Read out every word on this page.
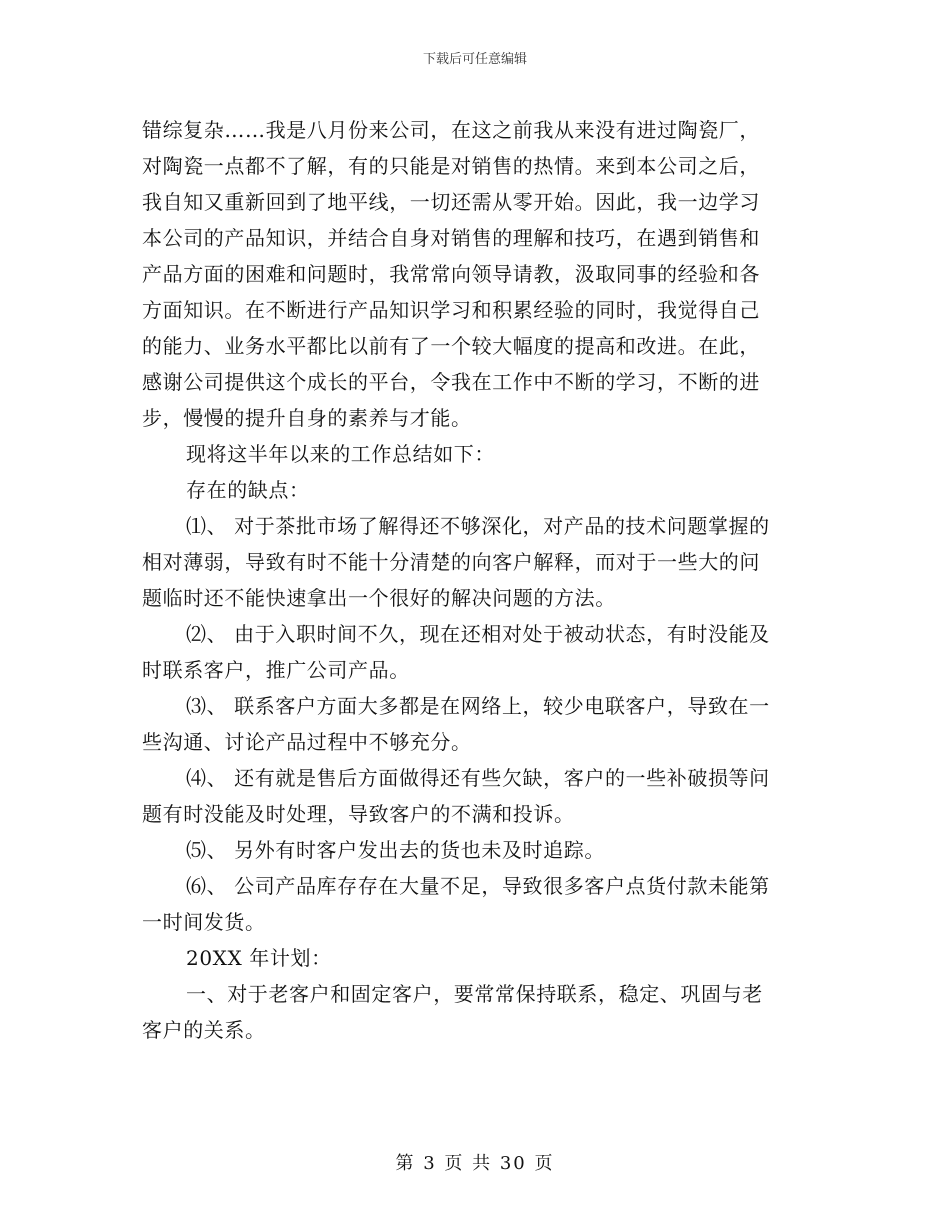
下载后可任意编辑
错综复杂……我是八月份来公司，在这之前我从来没有进过陶瓷厂，
对陶瓷一点都不了解，有的只能是对销售的热情。来到本公司之后，
我自知又重新回到了地平线，一切还需从零开始。因此，我一边学习
本公司的产品知识，并结合自身对销售的理解和技巧，在遇到销售和
产品方面的困难和问题时，我常常向领导请教，汲取同事的经验和各
方面知识。在不断进行产品知识学习和积累经验的同时，我觉得自己
的能力、业务水平都比以前有了一个较大幅度的提高和改进。在此，
感谢公司提供这个成长的平台，令我在工作中不断的学习，不断的进
步，慢慢的提升自身的素养与才能。
现将这半年以来的工作总结如下：
存在的缺点：
⑴、 对于茶批市场了解得还不够深化，对产品的技术问题掌握的
相对薄弱，导致有时不能十分清楚的向客户解释，而对于一些大的问
题临时还不能快速拿出一个很好的解决问题的方法。
⑵、 由于入职时间不久，现在还相对处于被动状态，有时没能及
时联系客户，推广公司产品。
⑶、 联系客户方面大多都是在网络上，较少电联客户，导致在一
些沟通、讨论产品过程中不够充分。
⑷、 还有就是售后方面做得还有些欠缺，客户的一些补破损等问
题有时没能及时处理，导致客户的不满和投诉。
⑸、 另外有时客户发出去的货也未及时追踪。
⑹、 公司产品库存存在大量不足，导致很多客户点货付款未能第
一时间发货。
20XX 年计划：
一、对于老客户和固定客户，要常常保持联系，稳定、巩固与老
客户的关系。
第 3 页 共 30 页
